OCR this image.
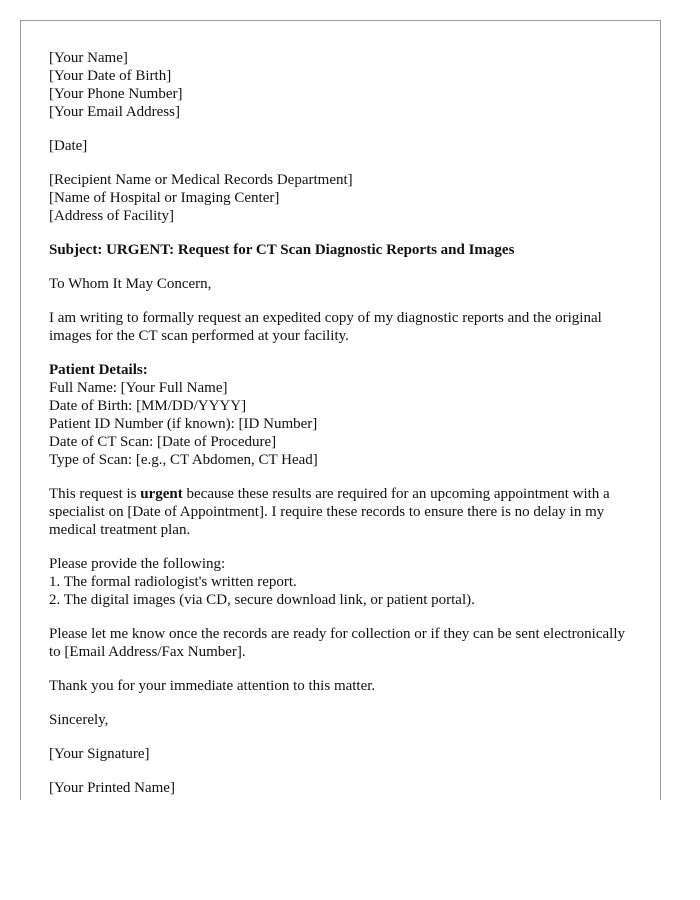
[Your Name]
[Your Date of Birth]
[Your Phone Number]
[Your Email Address]
[Date]
[Recipient Name or Medical Records Department]
[Name of Hospital or Imaging Center]
[Address of Facility]
Subject: URGENT: Request for CT Scan Diagnostic Reports and Images
To Whom It May Concern,
I am writing to formally request an expedited copy of my diagnostic reports and the original images for the CT scan performed at your facility.
Patient Details:
Full Name: [Your Full Name]
Date of Birth: [MM/DD/YYYY]
Patient ID Number (if known): [ID Number]
Date of CT Scan: [Date of Procedure]
Type of Scan: [e.g., CT Abdomen, CT Head]
This request is urgent because these results are required for an upcoming appointment with a specialist on [Date of Appointment]. I require these records to ensure there is no delay in my medical treatment plan.
Please provide the following:
1. The formal radiologist's written report.
2. The digital images (via CD, secure download link, or patient portal).
Please let me know once the records are ready for collection or if they can be sent electronically to [Email Address/Fax Number].
Thank you for your immediate attention to this matter.
Sincerely,
[Your Signature]
[Your Printed Name]
